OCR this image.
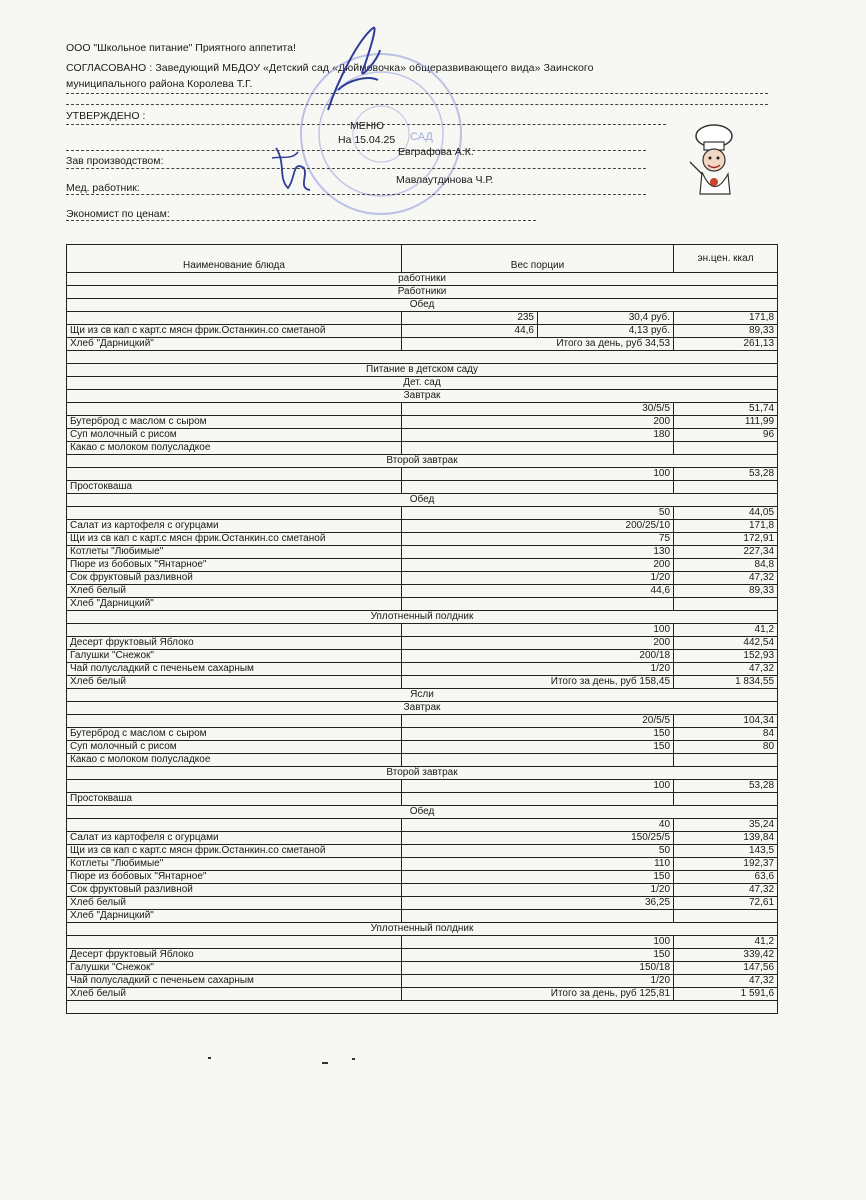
ООО "Школьное питание" Приятного аппетита!
СОГЛАСОВАНО : Заведующий МБДОУ «Детский сад «Дюймовочка» общеразвивающего вида» Заинского
муниципального района Королева Т.Г.
УТВЕРЖДЕНО :
САД
МЕНЮ
На 15.04.25
Зав производством:
Евграфова А.К.
Мед. работник:
Мавлаутдинова Ч.Р.
Экономист по ценам:
Наименование блюда	Вес порции		эн.цен. ккал
работники			
Работники			
Обед			
	235	30,4 руб.	171,8
Щи из св кап с карт.с мясн фрик.Останкин.со сметаной	44,6	4,13 руб.	89,33
Хлеб "Дарницкий"	Итого за день, руб 34,53		261,13

Питание в детском саду			
Дет. сад			
Завтрак			
	30/5/5		51,74
Бутерброд с маслом с сыром	200		111,99
Суп молочный с рисом	180		96
Какао с молоком полусладкое			
Второй завтрак			
	100		53,28
Простокваша			
Обед			
	50		44,05
Салат из картофеля с огурцами	200/25/10		171,8
Щи из св кап с карт.с мясн фрик.Останкин.со сметаной	75		172,91
Котлеты "Любимые"	130		227,34
Пюре из бобовых "Янтарное"	200		84,8
Сок фруктовый разливной	1/20		47,32
Хлеб белый	44,6		89,33
Хлеб "Дарницкий"			
Уплотненный полдник			
	100		41,2
Десерт фруктовый Яблоко	200		442,54
Галушки "Снежок"	200/18		152,93
Чай полусладкий с печеньем сахарным	1/20		47,32
Хлеб белый	Итого за день, руб 158,45		1 834,55
Ясли			
Завтрак			
	20/5/5		104,34
Бутерброд с маслом с сыром	150		84
Суп молочный с рисом	150		80
Какао с молоком полусладкое			
Второй завтрак			
	100		53,28
Простокваша			
Обед			
	40		35,24
Салат из картофеля с огурцами	150/25/5		139,84
Щи из св кап с карт.с мясн фрик.Останкин.со сметаной	50		143,5
Котлеты "Любимые"	110		192,37
Пюре из бобовых "Янтарное"	150		63,6
Сок фруктовый разливной	1/20		47,32
Хлеб белый	36,25		72,61
Хлеб "Дарницкий"			
Уплотненный полдник			
	100		41,2
Десерт фруктовый Яблоко	150		339,42
Галушки "Снежок"	150/18		147,56
Чай полусладкий с печеньем сахарным	1/20		47,32
Хлеб белый	Итого за день, руб 125,81		1 591,6
